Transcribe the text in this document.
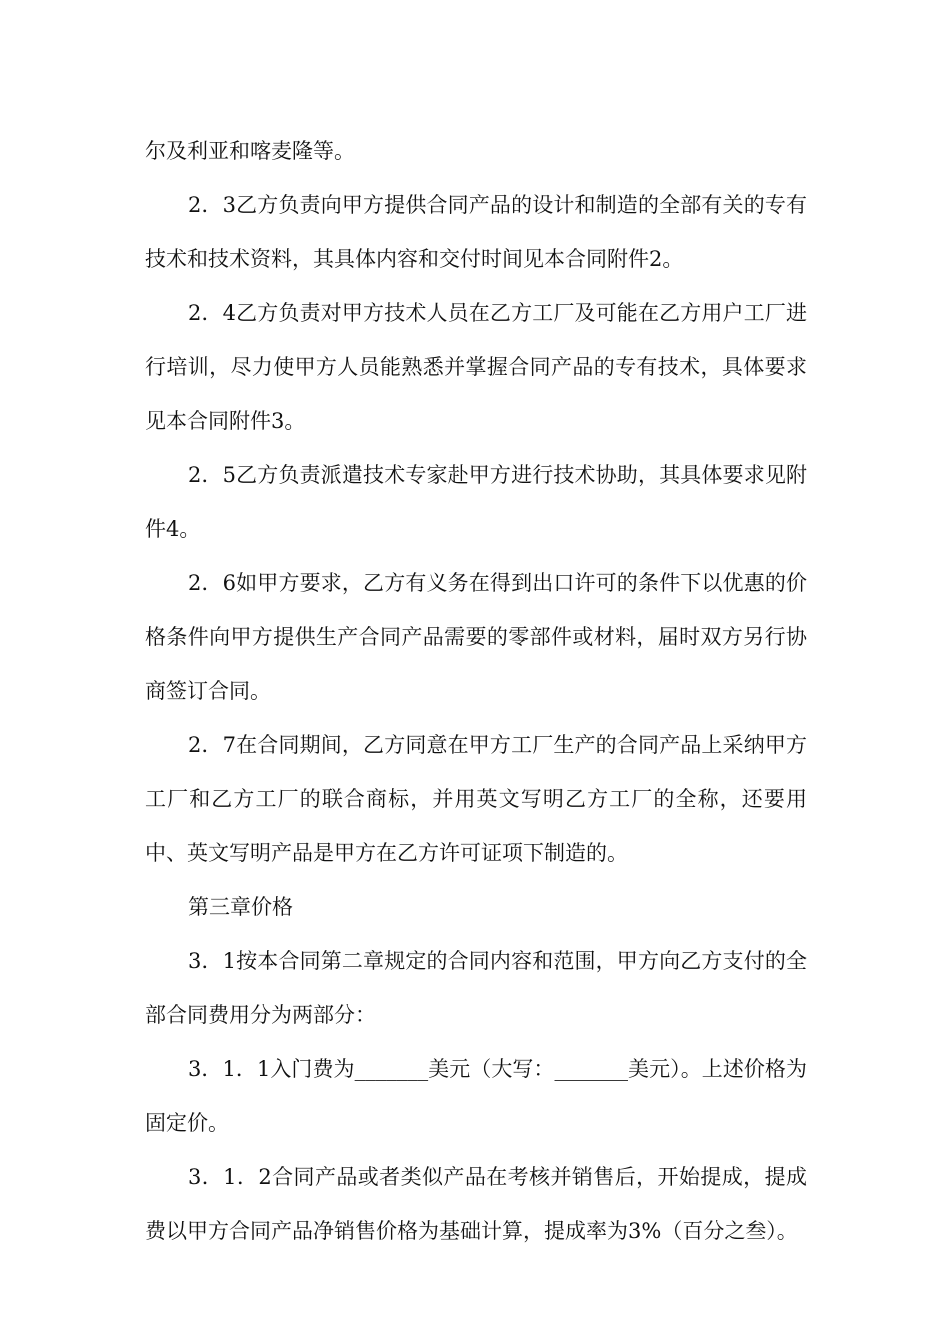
尔及利亚和喀麦隆等。

2．3乙方负责向甲方提供合同产品的设计和制造的全部有关的专有技术和技术资料，其具体内容和交付时间见本合同附件2。

2．4乙方负责对甲方技术人员在乙方工厂及可能在乙方用户工厂进行培训，尽力使甲方人员能熟悉并掌握合同产品的专有技术，具体要求见本合同附件3。

2．5乙方负责派遣技术专家赴甲方进行技术协助，其具体要求见附件4。

2．6如甲方要求，乙方有义务在得到出口许可的条件下以优惠的价格条件向甲方提供生产合同产品需要的零部件或材料，届时双方另行协商签订合同。

2．7在合同期间，乙方同意在甲方工厂生产的合同产品上采纳甲方工厂和乙方工厂的联合商标，并用英文写明乙方工厂的全称，还要用中、英文写明产品是甲方在乙方许可证项下制造的。

第三章价格

3．1按本合同第二章规定的合同内容和范围，甲方向乙方支付的全部合同费用分为两部分：

3．1．1入门费为_______美元（大写：_______美元）。上述价格为固定价。

3．1．2合同产品或者类似产品在考核并销售后，开始提成，提成费以甲方合同产品净销售价格为基础计算，提成率为3%（百分之叁）。
